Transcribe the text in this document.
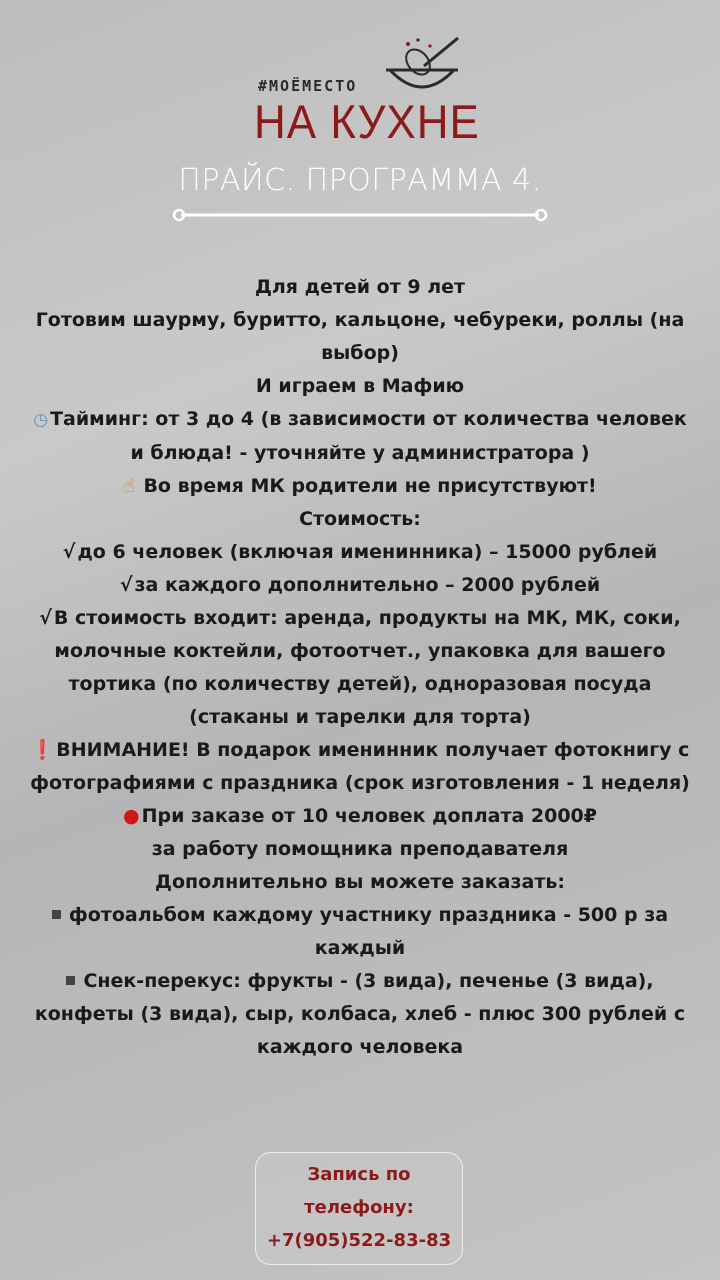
#МОЁМЕСТО
НА КУХНЕ
ПРАЙС. ПРОГРАММА 4.
Для детей от 9 лет
Готовим шаурму, буритто, кальцоне, чебуреки, роллы (на
выбор)
И играем в Мафию
◷ Тайминг: от 3 до 4 (в зависимости от количества человек
и блюда! - уточняйте у администратора )
☝ Во время МК родители не присутствуют!
Стоимость:
√ до 6 человек (включая именинника) – 15000 рублей
√ за каждого дополнительно – 2000 рублей
√ В стоимость входит: аренда, продукты на МК, МК, соки,
молочные коктейли, фотоотчет., упаковка для вашего
тортика (по количеству детей), одноразовая посуда
(стаканы и тарелки для торта)
❗ ВНИМАНИЕ! В подарок именинник получает фотокнигу с
фотографиями с праздника (срок изготовления - 1 неделя)
● При заказе от 10 человек доплата 2000₽
за работу помощника преподавателя
Дополнительно вы можете заказать:
фотоальбом каждому участнику праздника - 500 р за
каждый
Снек-перекус: фрукты - (3 вида), печенье (3 вида),
конфеты (3 вида), сыр, колбаса, хлеб - плюс 300 рублей с
каждого человека
Запись по
телефону:
+7(905)522-83-83
